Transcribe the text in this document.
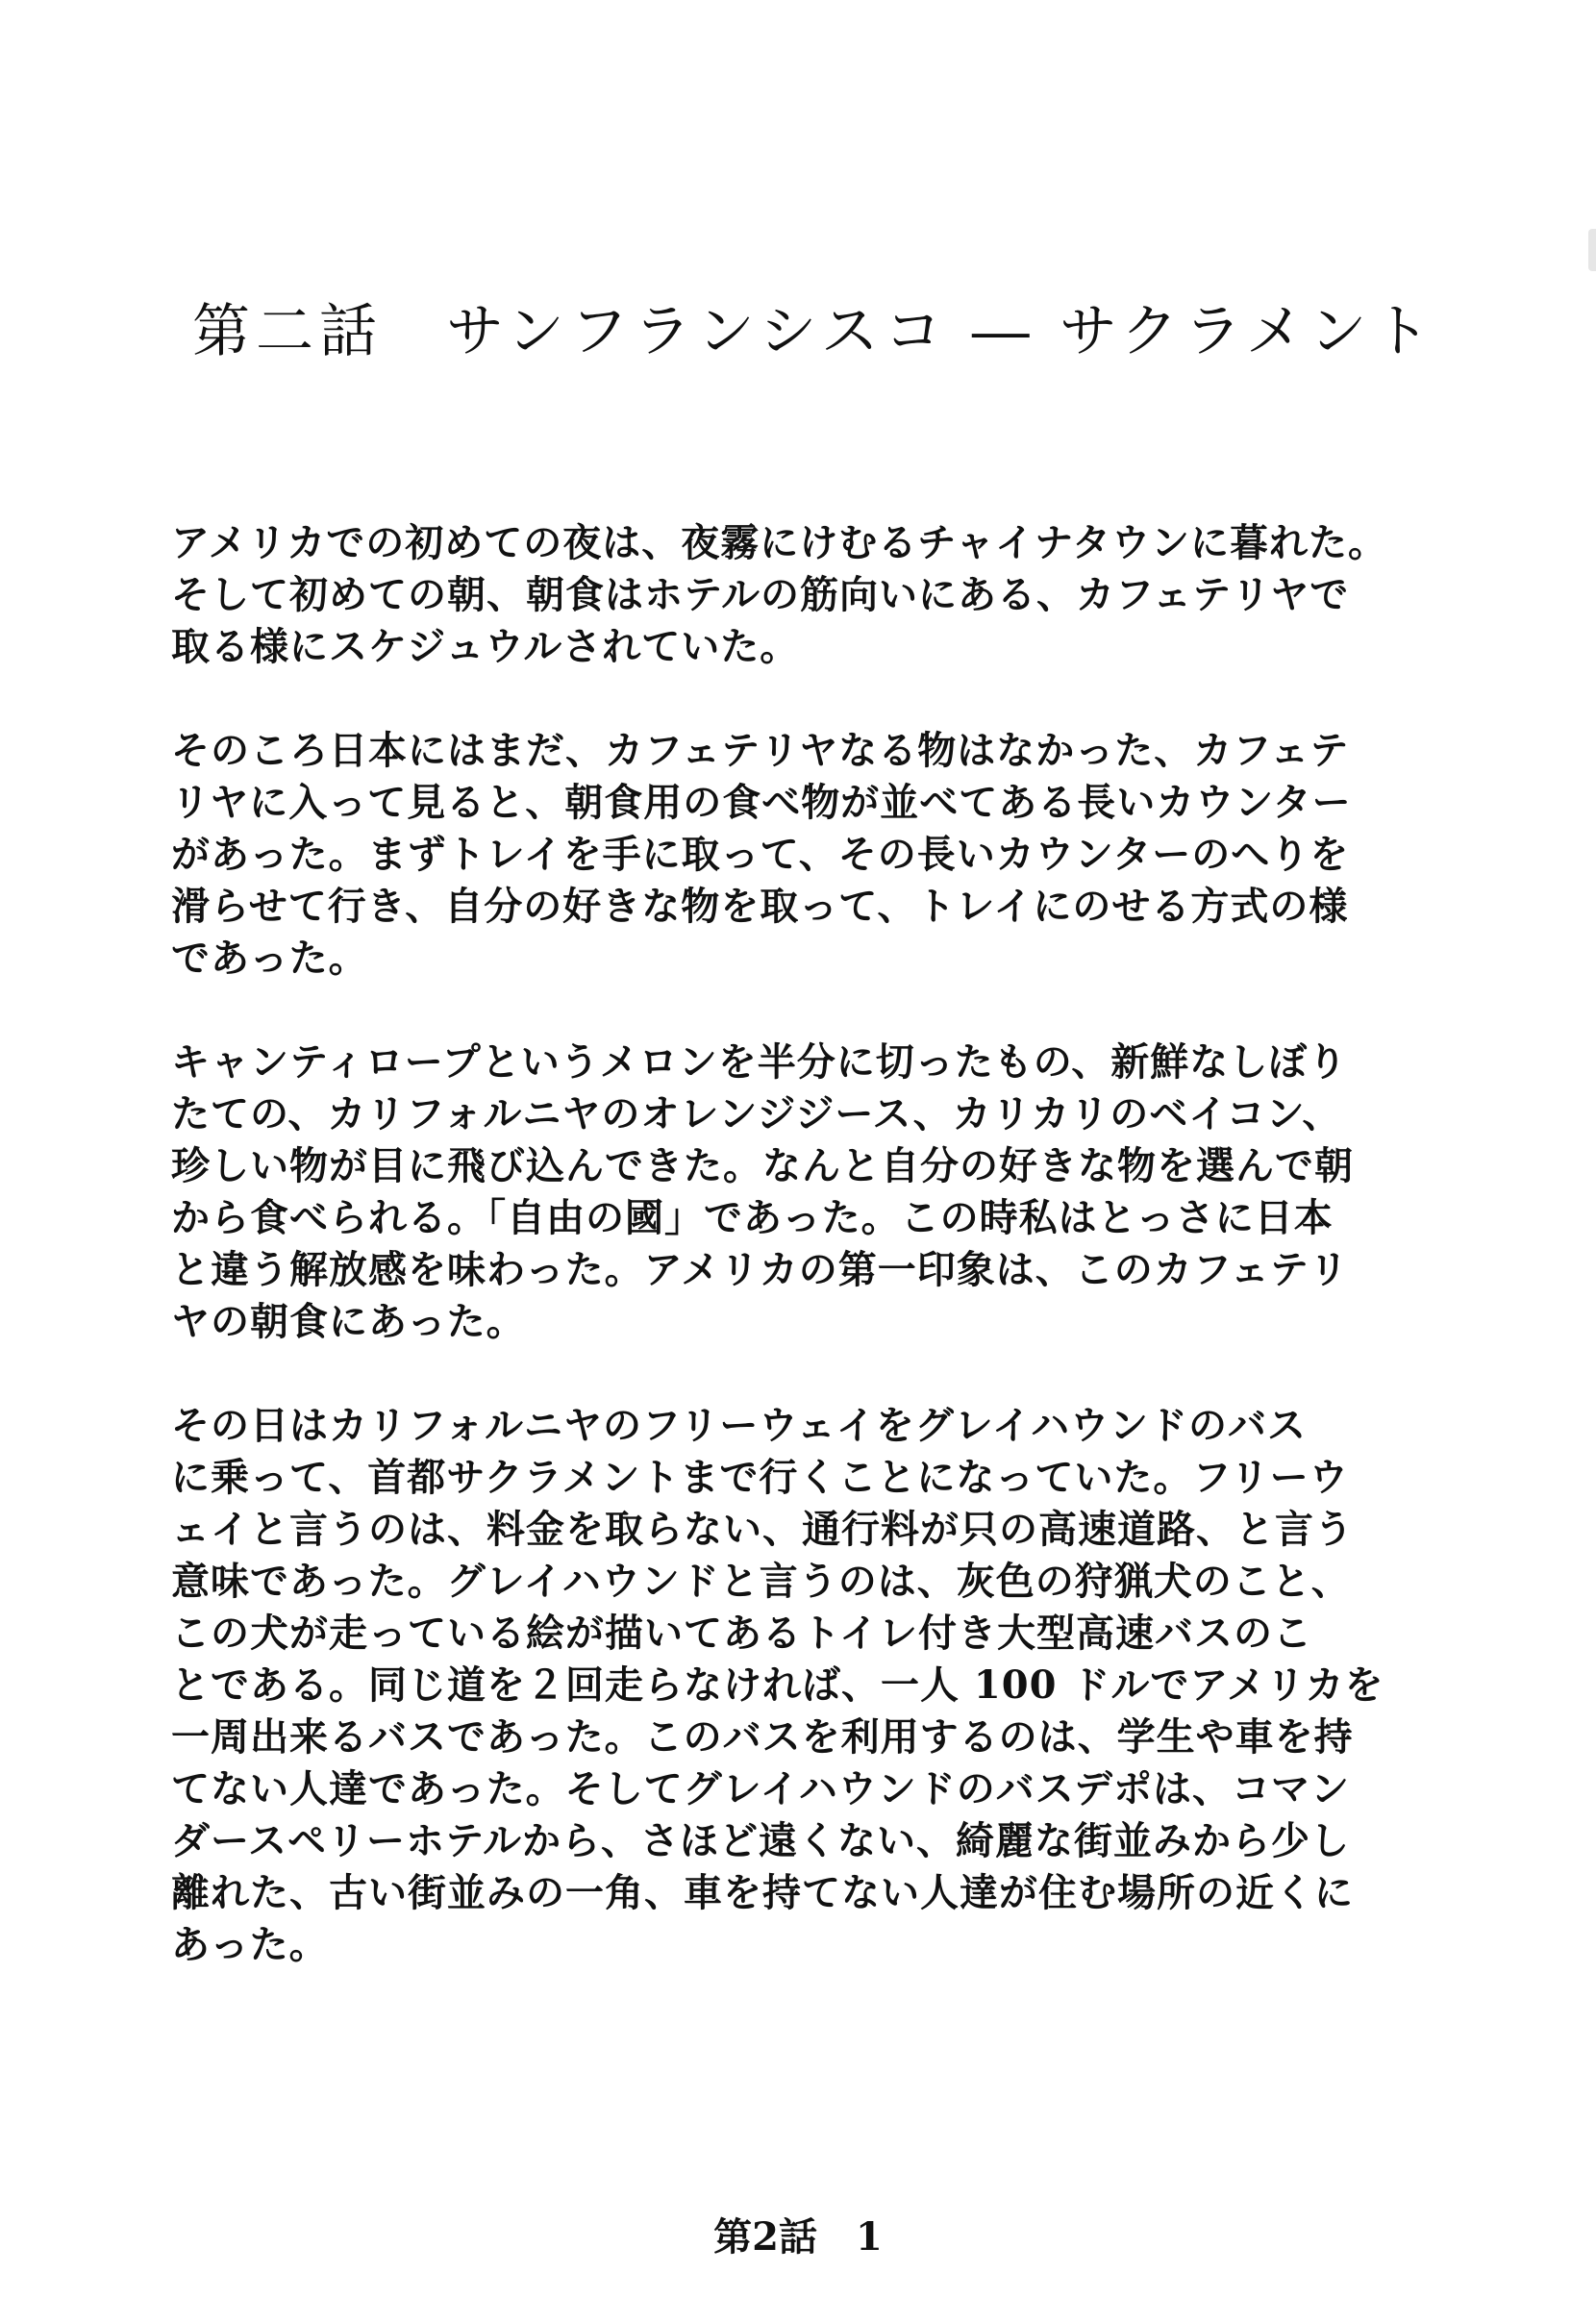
第二話　サンフランシスコ ― サクラメント

アメリカでの初めての夜は、夜霧にけむるチャイナタウンに暮れた。
そして初めての朝、朝食はホテルの筋向いにある、カフェテリヤで
取る様にスケジュウルされていた。

そのころ日本にはまだ、カフェテリヤなる物はなかった、カフェテ
リヤに入って見ると、朝食用の食べ物が並べてある長いカウンター
があった。まずトレイを手に取って、その長いカウンターのへりを
滑らせて行き、自分の好きな物を取って、トレイにのせる方式の様
であった。

キャンティロープというメロンを半分に切ったもの、新鮮なしぼり
たての、カリフォルニヤのオレンジジース、カリカリのベイコン、
珍しい物が目に飛び込んできた。なんと自分の好きな物を選んで朝
から食べられる。「自由の國」であった。この時私はとっさに日本
と違う解放感を味わった。アメリカの第一印象は、このカフェテリ
ヤの朝食にあった。

その日はカリフォルニヤのフリーウェイをグレイハウンドのバス
に乗って、首都サクラメントまで行くことになっていた。フリーウ
ェイと言うのは、料金を取らない、通行料が只の高速道路、と言う
意味であった。グレイハウンドと言うのは、灰色の狩猟犬のこと、
この犬が走っている絵が描いてあるトイレ付き大型高速バスのこ
とである。同じ道を２回走らなければ、一人 100 ドルでアメリカを
一周出来るバスであった。このバスを利用するのは、学生や車を持
てない人達であった。そしてグレイハウンドのバスデポは、コマン
ダースペリーホテルから、さほど遠くない、綺麗な街並みから少し
離れた、古い街並みの一角、車を持てない人達が住む場所の近くに
あった。

第2話　1
